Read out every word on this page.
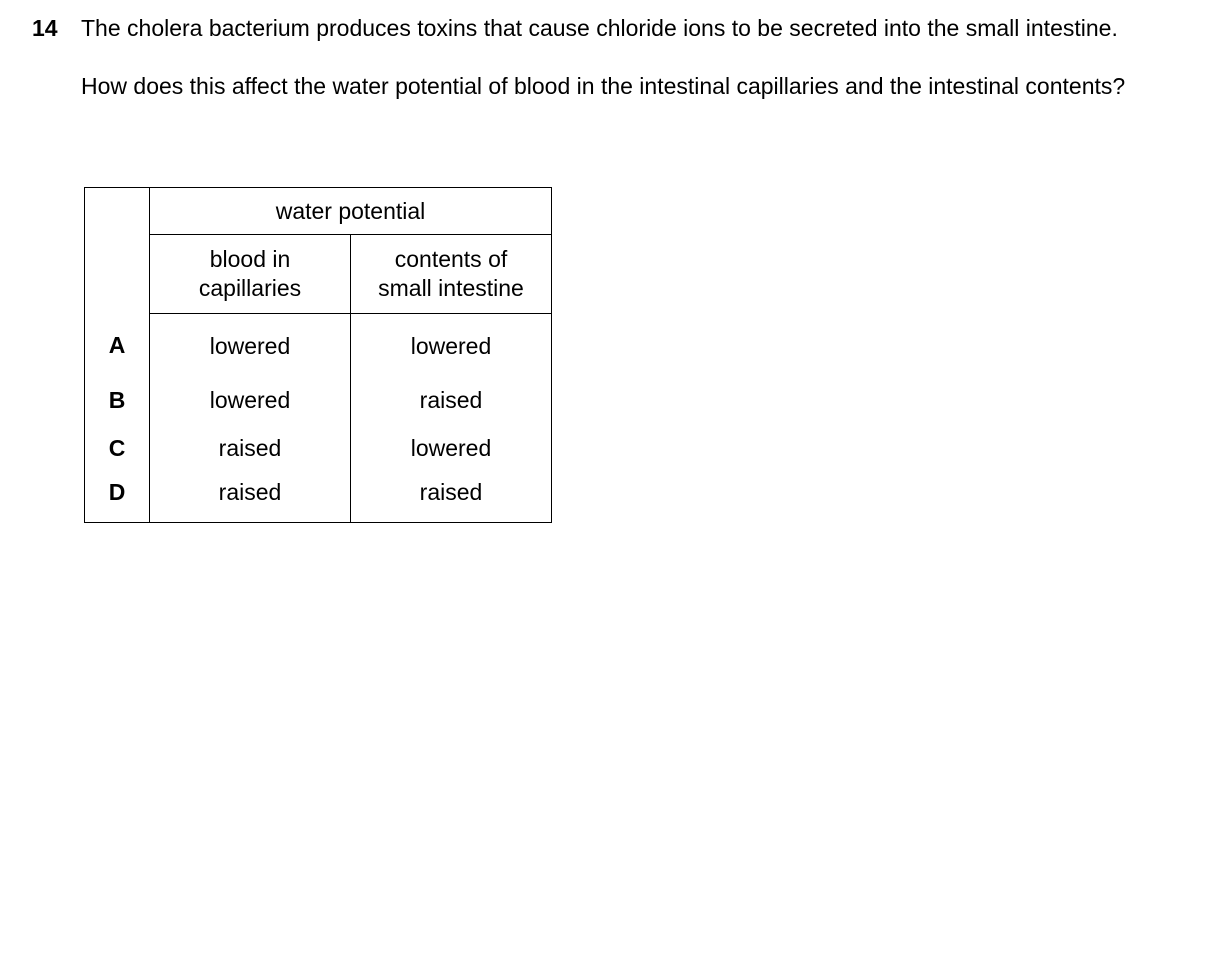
14 The cholera bacterium produces toxins that cause chloride ions to be secreted into the small intestine.

How does this affect the water potential of blood in the intestinal capillaries and the intestinal contents?

	water potential	
	blood in
capillaries	contents of
small intestine
A	lowered	lowered
B	lowered	raised
C	raised	lowered
D	raised	raised
